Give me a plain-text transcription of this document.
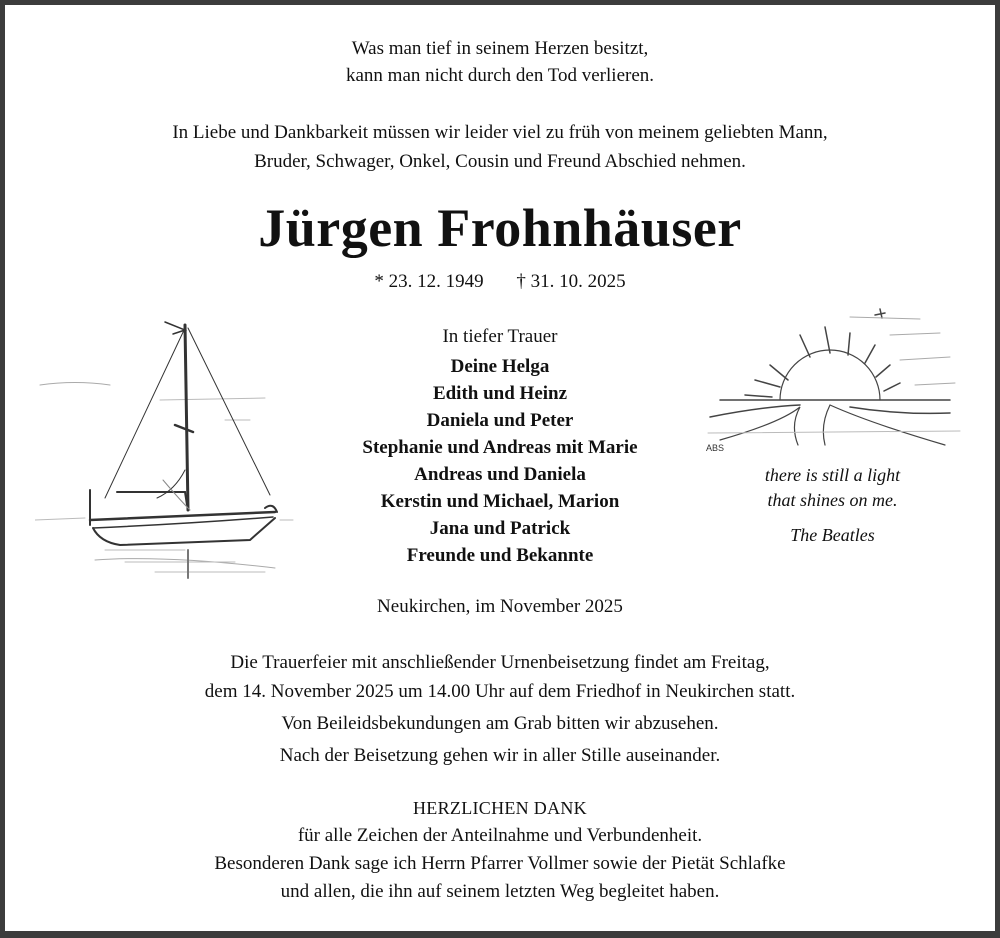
Was man tief in seinem Herzen besitzt,
kann man nicht durch den Tod verlieren.
In Liebe und Dankbarkeit müssen wir leider viel zu früh von meinem geliebten Mann,
Bruder, Schwager, Onkel, Cousin und Freund Abschied nehmen.
Jürgen Frohnhäuser
* 23. 12. 1949 † 31. 10. 2025
ABS
there is still a light
that shines on me.
The Beatles
In tiefer Trauer
Deine Helga
Edith und Heinz
Daniela und Peter
Stephanie und Andreas mit Marie
Andreas und Daniela
Kerstin und Michael, Marion
Jana und Patrick
Freunde und Bekannte
Neukirchen, im November 2025
Die Trauerfeier mit anschließender Urnenbeisetzung findet am Freitag,
dem 14. November 2025 um 14.00 Uhr auf dem Friedhof in Neukirchen statt.
Von Beileidsbekundungen am Grab bitten wir abzusehen.
Nach der Beisetzung gehen wir in aller Stille auseinander.
HERZLICHEN DANK
für alle Zeichen der Anteilnahme und Verbundenheit.
Besonderen Dank sage ich Herrn Pfarrer Vollmer sowie der Pietät Schlafke
und allen, die ihn auf seinem letzten Weg begleitet haben.
